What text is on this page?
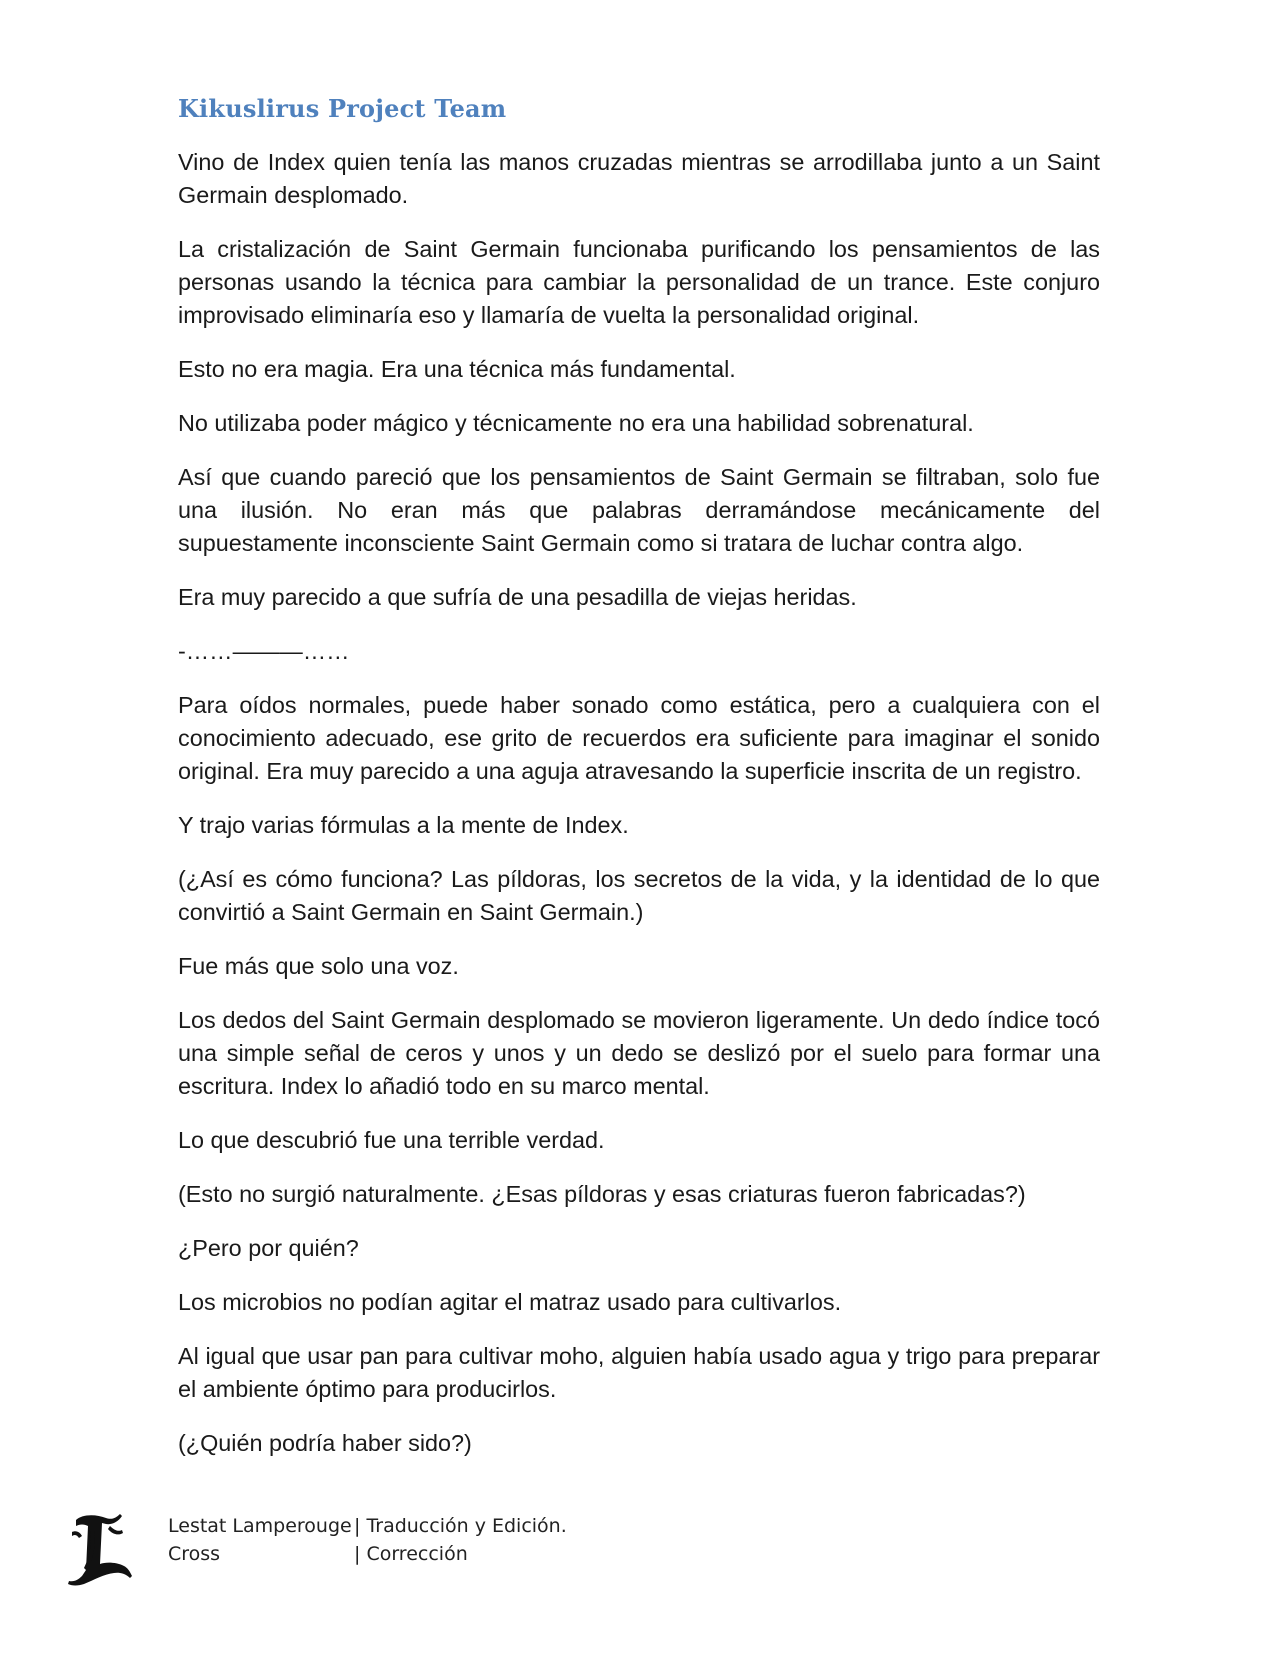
Kikuslirus Project Team

Vino de Index quien tenía las manos cruzadas mientras se arrodillaba junto a un Saint Germain desplomado.

La cristalización de Saint Germain funcionaba purificando los pensamientos de las personas usando la técnica para cambiar la personalidad de un trance. Este conjuro improvisado eliminaría eso y llamaría de vuelta la personalidad original.

Esto no era magia. Era una técnica más fundamental.

No utilizaba poder mágico y técnicamente no era una habilidad sobrenatural.

Así que cuando pareció que los pensamientos de Saint Germain se filtraban, solo fue una ilusión. No eran más que palabras derramándose mecánicamente del supuestamente inconsciente Saint Germain como si tratara de luchar contra algo.

Era muy parecido a que sufría de una pesadilla de viejas heridas.

-……———……

Para oídos normales, puede haber sonado como estática, pero a cualquiera con el conocimiento adecuado, ese grito de recuerdos era suficiente para imaginar el sonido original. Era muy parecido a una aguja atravesando la superficie inscrita de un registro.

Y trajo varias fórmulas a la mente de Index.

(¿Así es cómo funciona? Las píldoras, los secretos de la vida, y la identidad de lo que convirtió a Saint Germain en Saint Germain.)

Fue más que solo una voz.

Los dedos del Saint Germain desplomado se movieron ligeramente. Un dedo índice tocó una simple señal de ceros y unos y un dedo se deslizó por el suelo para formar una escritura. Index lo añadió todo en su marco mental.

Lo que descubrió fue una terrible verdad.

(Esto no surgió naturalmente. ¿Esas píldoras y esas criaturas fueron fabricadas?)

¿Pero por quién?

Los microbios no podían agitar el matraz usado para cultivarlos.

Al igual que usar pan para cultivar moho, alguien había usado agua y trigo para preparar el ambiente óptimo para producirlos.

(¿Quién podría haber sido?)

Lestat Lamperouge | Traducción y Edición.
Cross	| Corrección
